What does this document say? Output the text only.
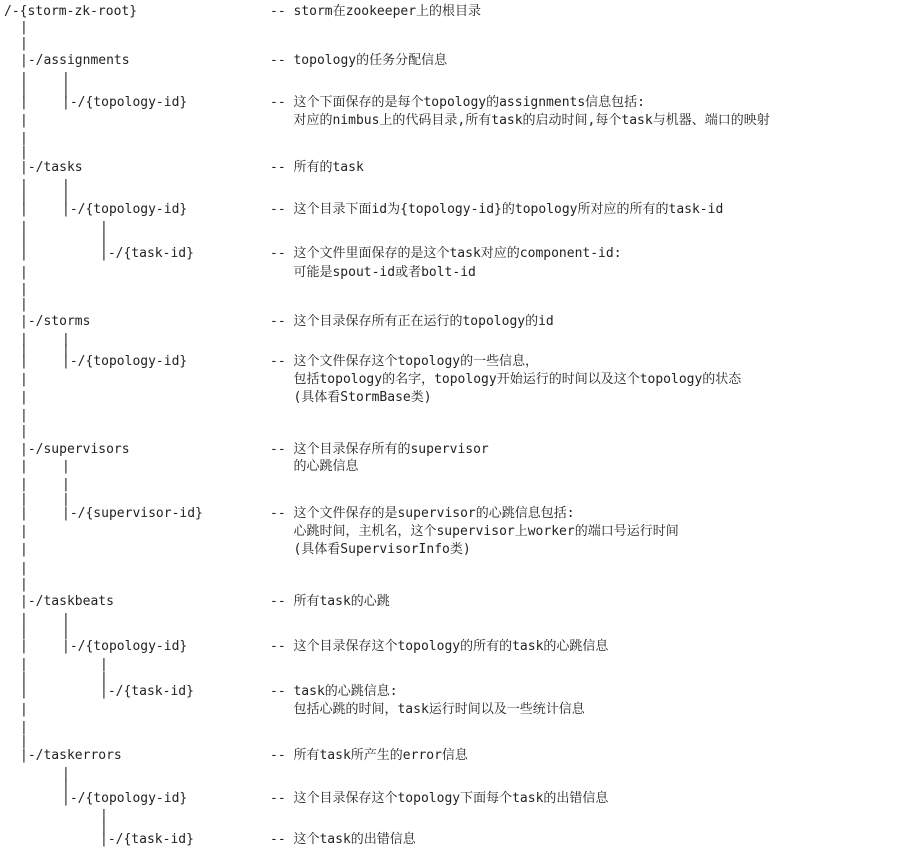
|
|
|	|
|	|
|
|
|
|
|	|
|	|
|
|	|
|	|
|
|
|
|
|	|
|	|
|
|
|
|
|
|	|
|	|
|	|
|
|
|
|
|
|	|
|	|
|
|	|
|	|
|
|
|
|
|
|
|
|
/-{storm-zk-root}	-- storm在zookeeper上的根目录
|-/assignments	-- topology的任务分配信息
|-/{topology-id}	-- 这个下面保存的是每个topology的assignments信息包括:
对应的nimbus上的代码目录,所有task的启动时间,每个task与机器、端口的映射
|-/tasks	-- 所有的task
|-/{topology-id}	-- 这个目录下面id为{topology-id}的topology所对应的所有的task-id
|-/{task-id}	-- 这个文件里面保存的是这个task对应的component-id:
可能是spout-id或者bolt-id
|-/storms	-- 这个目录保存所有正在运行的topology的id
|-/{topology-id}	-- 这个文件保存这个topology的一些信息，
包括topology的名字，topology开始运行的时间以及这个topology的状态
(具体看StormBase类)
|-/supervisors	-- 这个目录保存所有的supervisor
的心跳信息
|-/{supervisor-id}	-- 这个文件保存的是supervisor的心跳信息包括:
心跳时间，主机名，这个supervisor上worker的端口号运行时间
(具体看SupervisorInfo类)
|-/taskbeats	-- 所有task的心跳
|-/{topology-id}	-- 这个目录保存这个topology的所有的task的心跳信息
|-/{task-id}	-- task的心跳信息:
包括心跳的时间，task运行时间以及一些统计信息
|-/taskerrors	-- 所有task所产生的error信息
|-/{topology-id}	-- 这个目录保存这个topology下面每个task的出错信息
|-/{task-id}	-- 这个task的出错信息
